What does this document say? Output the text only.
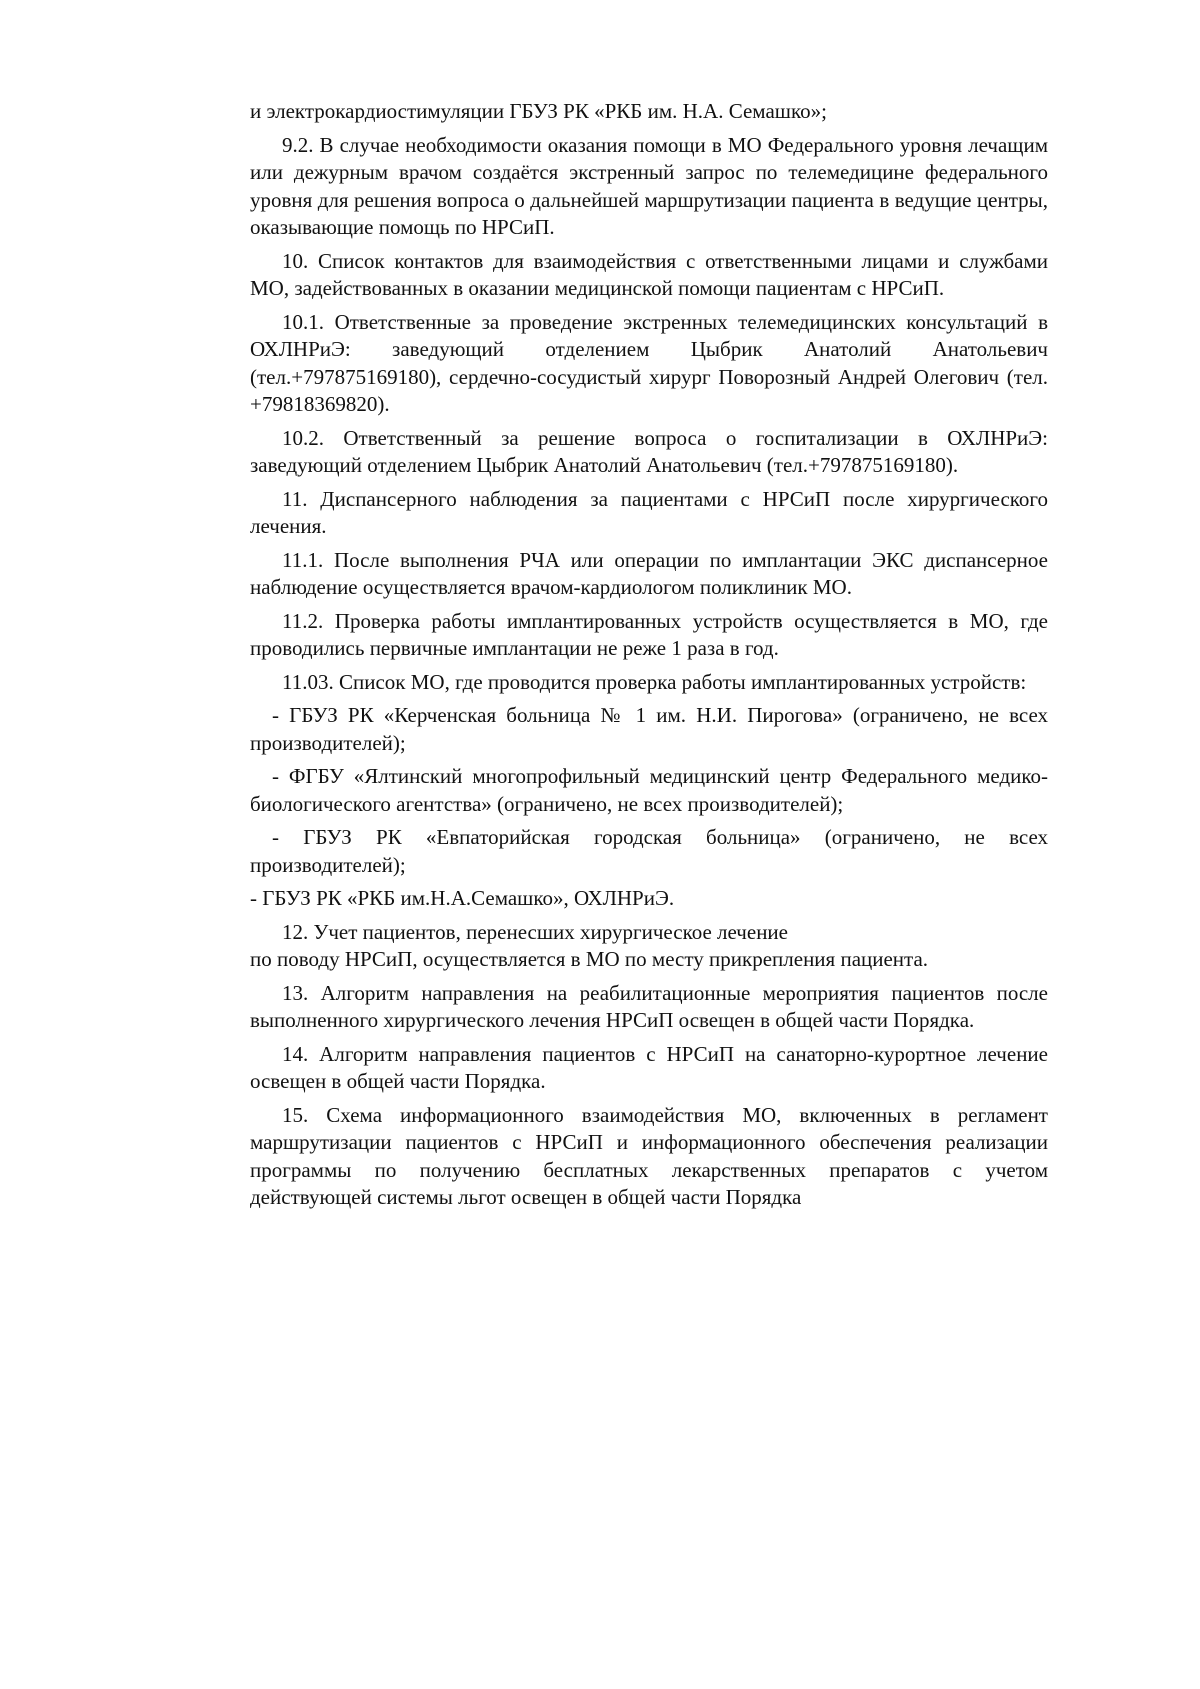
и электрокардиостимуляции ГБУЗ РК «РКБ им. Н.А. Семашко»;

9.2. В случае необходимости оказания помощи в МО Федерального уровня лечащим или дежурным врачом создаётся экстренный запрос по телемедицине федерального уровня для решения вопроса о дальнейшей маршрутизации пациента в ведущие центры, оказывающие помощь по НРСиП.

10. Список контактов для взаимодействия с ответственными лицами и службами МО, задействованных в оказании медицинской помощи пациентам с НРСиП.

10.1. Ответственные за проведение экстренных телемедицинских консультаций в ОХЛНРиЭ: заведующий отделением Цыбрик Анатолий Анатольевич (тел.+797875169180), сердечно-сосудистый хирург Поворозный Андрей Олегович (тел. +79818369820).

10.2. Ответственный за решение вопроса о госпитализации в ОХЛНРиЭ: заведующий отделением Цыбрик Анатолий Анатольевич (тел.+797875169180).

11. Диспансерного наблюдения за пациентами с НРСиП после хирургического лечения.

11.1. После выполнения РЧА или операции по имплантации ЭКС диспансерное наблюдение осуществляется врачом-кардиологом поликлиник МО.

11.2. Проверка работы имплантированных устройств осуществляется в МО, где проводились первичные имплантации не реже 1 раза в год.

11.03. Список МО, где проводится проверка работы имплантированных устройств:

- ГБУЗ РК «Керченская больница № 1 им. Н.И. Пирогова» (ограничено, не всех производителей);

- ФГБУ «Ялтинский многопрофильный медицинский центр Федерального медико-биологического агентства» (ограничено, не всех производителей);

- ГБУЗ РК «Евпаторийская городская больница» (ограничено, не всех производителей);

- ГБУЗ РК «РКБ им.Н.А.Семашко», ОХЛНРиЭ.

12. Учет пациентов, перенесших хирургическое лечение

по поводу НРСиП, осуществляется в МО по месту прикрепления пациента.

13. Алгоритм направления на реабилитационные мероприятия пациентов после выполненного хирургического лечения НРСиП освещен в общей части Порядка.

14. Алгоритм направления пациентов с НРСиП на санаторно-курортное лечение освещен в общей части Порядка.

15. Схема информационного взаимодействия МО, включенных в регламент маршрутизации пациентов с НРСиП и информационного обеспечения реализации программы по получению бесплатных лекарственных препаратов с учетом действующей системы льгот освещен в общей части Порядка
